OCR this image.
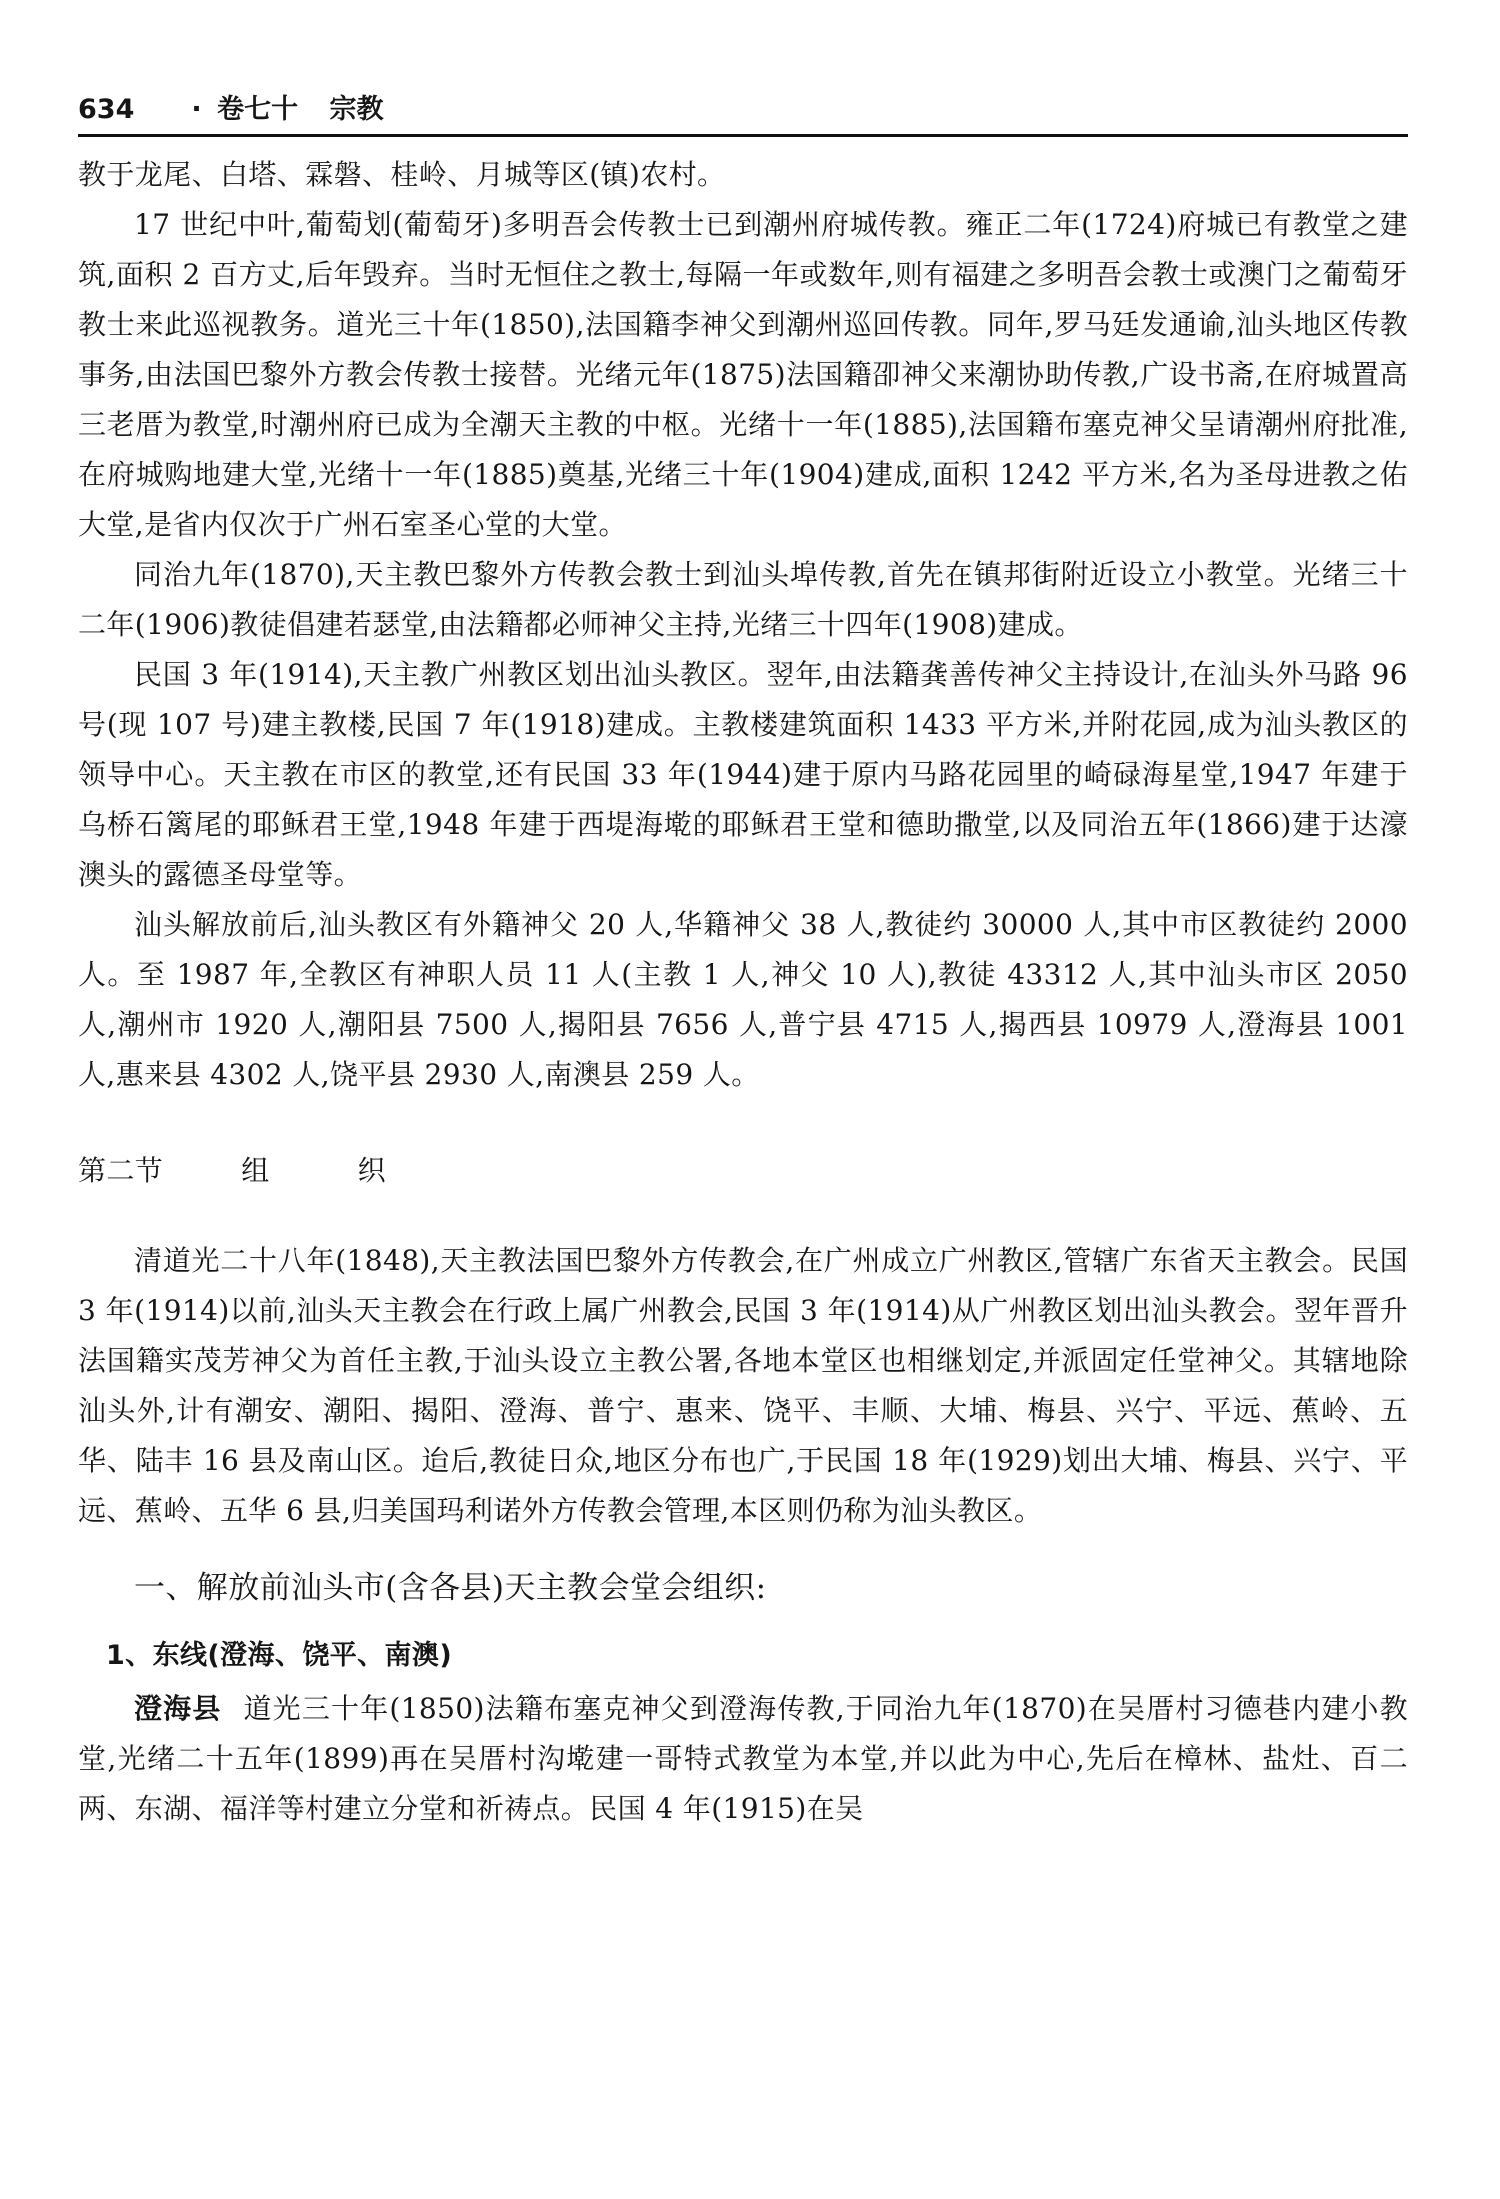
634 · 卷七十 宗教

教于龙尾、白塔、霖磐、桂岭、月城等区(镇)农村。

17 世纪中叶,葡萄划(葡萄牙)多明吾会传教士已到潮州府城传教。雍正二年(1724)府城已有教堂之建筑,面积 2 百方丈,后年毁弃。当时无恒住之教士,每隔一年或数年,则有福建之多明吾会教士或澳门之葡萄牙教士来此巡视教务。道光三十年(1850),法国籍李神父到潮州巡回传教。同年,罗马廷发通谕,汕头地区传教事务,由法国巴黎外方教会传教士接替。光绪元年(1875)法国籍卲神父来潮协助传教,广设书斋,在府城置高三老厝为教堂,时潮州府已成为全潮天主教的中枢。光绪十一年(1885),法国籍布塞克神父呈请潮州府批准,在府城购地建大堂,光绪十一年(1885)奠基,光绪三十年(1904)建成,面积 1242 平方米,名为圣母进教之佑大堂,是省内仅次于广州石室圣心堂的大堂。

同治九年(1870),天主教巴黎外方传教会教士到汕头埠传教,首先在镇邦街附近设立小教堂。光绪三十二年(1906)教徒倡建若瑟堂,由法籍都必师神父主持,光绪三十四年(1908)建成。

民国 3 年(1914),天主教广州教区划出汕头教区。翌年,由法籍龚善传神父主持设计,在汕头外马路 96 号(现 107 号)建主教楼,民国 7 年(1918)建成。主教楼建筑面积 1433 平方米,并附花园,成为汕头教区的领导中心。天主教在市区的教堂,还有民国 33 年(1944)建于原内马路花园里的崎碌海星堂,1947 年建于乌桥石篱尾的耶稣君王堂,1948 年建于西堤海墘的耶稣君王堂和德助撒堂,以及同治五年(1866)建于达濠澳头的露德圣母堂等。

汕头解放前后,汕头教区有外籍神父 20 人,华籍神父 38 人,教徒约 30000 人,其中市区教徒约 2000 人。至 1987 年,全教区有神职人员 11 人(主教 1 人,神父 10 人),教徒 43312 人,其中汕头市区 2050 人,潮州市 1920 人,潮阳县 7500 人,揭阳县 7656 人,普宁县 4715 人,揭西县 10979 人,澄海县 1001 人,惠来县 4302 人,饶平县 2930 人,南澳县 259 人。

第二节	组	织

清道光二十八年(1848),天主教法国巴黎外方传教会,在广州成立广州教区,管辖广东省天主教会。民国 3 年(1914)以前,汕头天主教会在行政上属广州教会,民国 3 年(1914)从广州教区划出汕头教会。翌年晋升法国籍实茂芳神父为首任主教,于汕头设立主教公署,各地本堂区也相继划定,并派固定任堂神父。其辖地除汕头外,计有潮安、潮阳、揭阳、澄海、普宁、惠来、饶平、丰顺、大埔、梅县、兴宁、平远、蕉岭、五华、陆丰 16 县及南山区。迨后,教徒日众,地区分布也广,于民国 18 年(1929)划出大埔、梅县、兴宁、平远、蕉岭、五华 6 县,归美国玛利诺外方传教会管理,本区则仍称为汕头教区。

一、解放前汕头市(含各县)天主教会堂会组织:

1、东线(澄海、饶平、南澳)

澄海县 道光三十年(1850)法籍布塞克神父到澄海传教,于同治九年(1870)在吴厝村习德巷内建小教堂,光绪二十五年(1899)再在吴厝村沟墘建一哥特式教堂为本堂,并以此为中心,先后在樟林、盐灶、百二两、东湖、福洋等村建立分堂和祈祷点。民国 4 年(1915)在吴
